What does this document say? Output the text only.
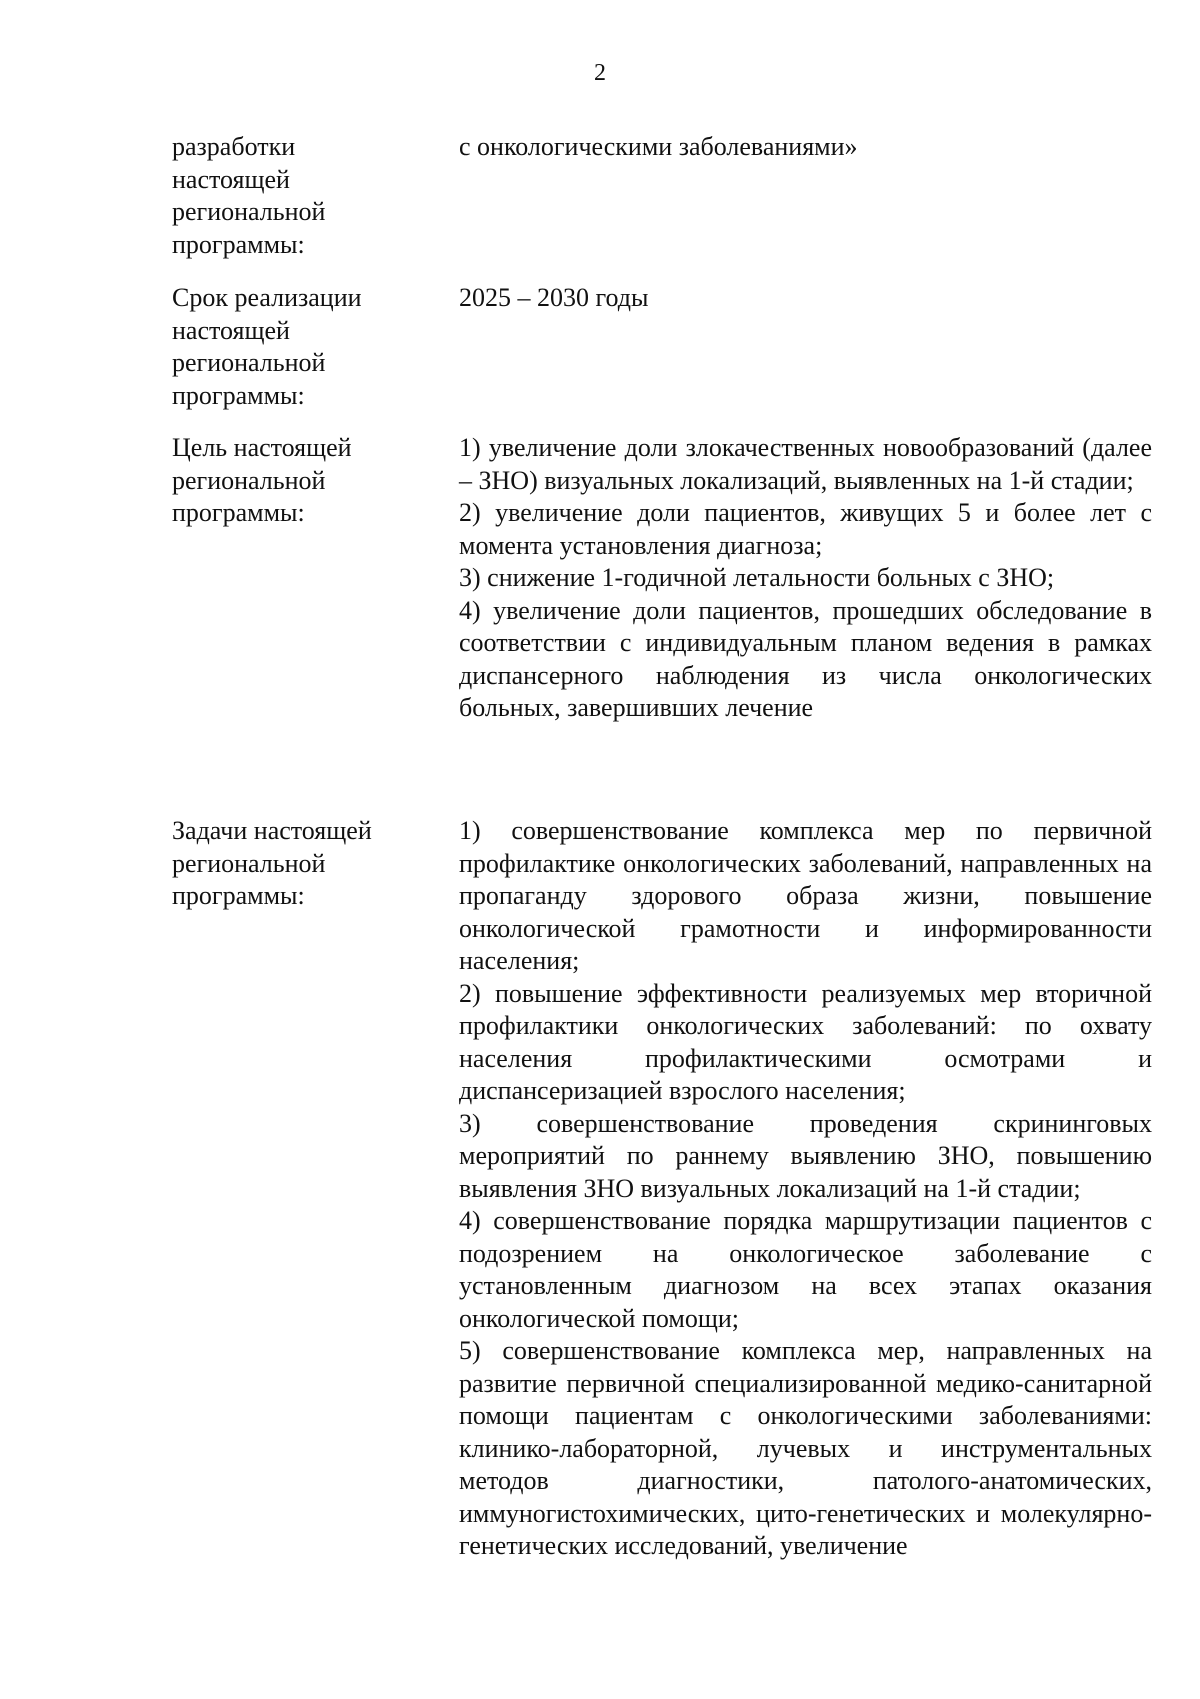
2
разработки
настоящей
региональной
программы:

с онкологическими заболеваниями»

Срок реализации
настоящей
региональной
программы:

2025 – 2030 годы

Цель настоящей
региональной
программы:

1) увеличение доли злокачественных новообразований (далее – ЗНО) визуальных локализаций, выявленных на 1-й стадии;

2) увеличение доли пациентов, живущих 5 и более лет с момента установления диагноза;

3) снижение 1-годичной летальности больных с ЗНО;

4) увеличение доли пациентов, прошедших обследование в соответствии с индивидуальным планом ведения в рамках диспансерного наблюдения из числа онкологических больных, завершивших лечение

Задачи настоящей
региональной
программы:

1) совершенствование комплекса мер по первичной профилактике онкологических заболеваний, направленных на пропаганду здорового образа жизни, повышение онкологической грамотности и информированности населения;

2) повышение эффективности реализуемых мер вторичной профилактики онкологических заболеваний: по охвату населения профилактическими осмотрами и диспансеризацией взрослого населения;

3) совершенствование проведения скрининговых мероприятий по раннему выявлению ЗНО, повышению выявления ЗНО визуальных локализаций на 1-й стадии;

4) совершенствование порядка маршрутизации пациентов с подозрением на онкологическое заболевание с установленным диагнозом на всех этапах оказания онкологической помощи;

5) совершенствование комплекса мер, направленных на развитие первичной специализированной медико-санитарной помощи пациентам с онкологическими заболеваниями: клинико-лабораторной, лучевых и инструментальных методов диагностики, патолого-анатомических, иммуногистохимических, цито-генетических и молекулярно-генетических исследований, увеличение
